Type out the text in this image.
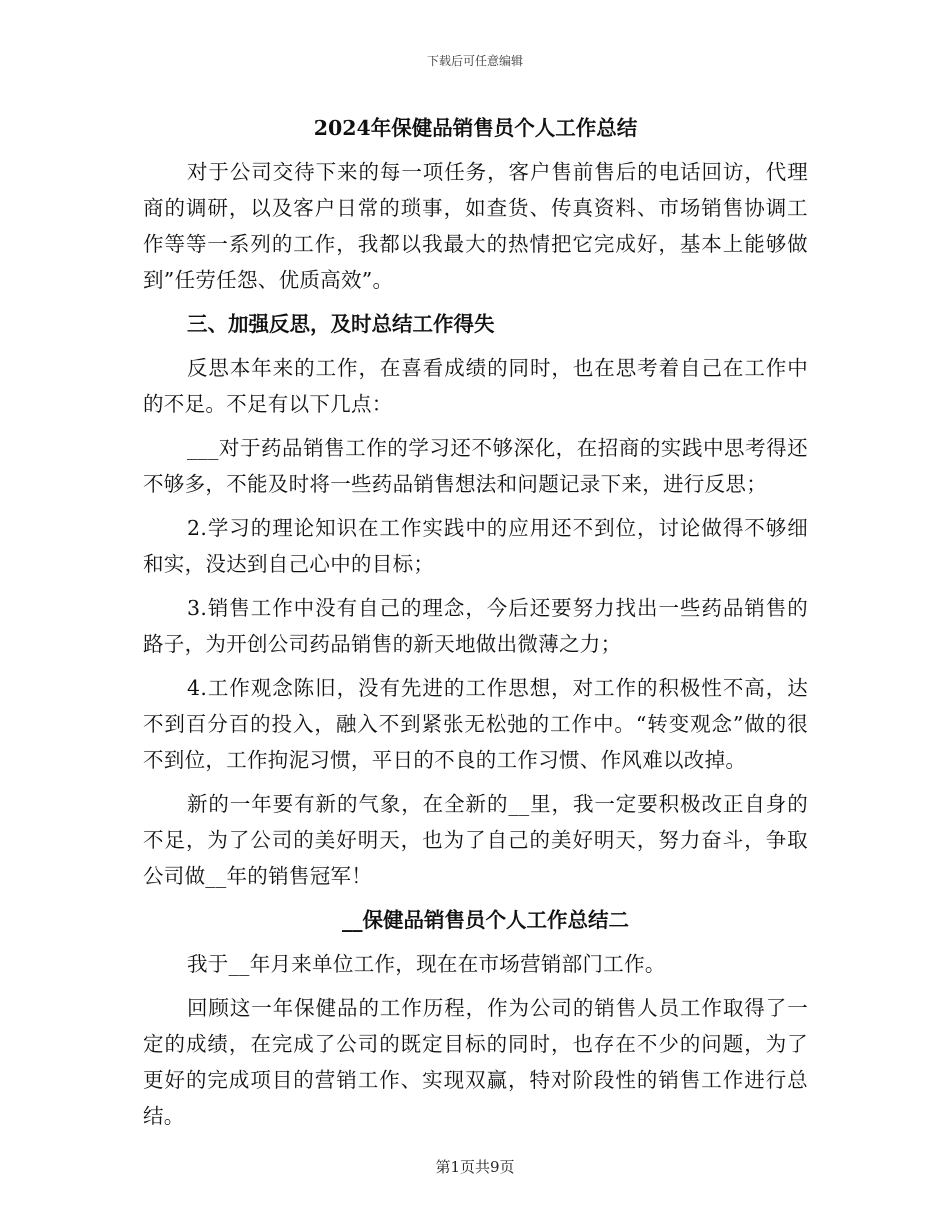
下载后可任意编辑

2024年保健品销售员个人工作总结

对于公司交待下来的每一项任务，客户售前售后的电话回访，代理商的调研，以及客户日常的琐事，如查货、传真资料、市场销售协调工作等等一系列的工作，我都以我最大的热情把它完成好，基本上能够做到”任劳任怨、优质高效”。

三、加强反思，及时总结工作得失

反思本年来的工作，在喜看成绩的同时，也在思考着自己在工作中的不足。不足有以下几点：

___对于药品销售工作的学习还不够深化，在招商的实践中思考得还不够多，不能及时将一些药品销售想法和问题记录下来，进行反思；

2.学习的理论知识在工作实践中的应用还不到位，讨论做得不够细和实，没达到自己心中的目标；

3.销售工作中没有自己的理念，今后还要努力找出一些药品销售的路子，为开创公司药品销售的新天地做出微薄之力；

4.工作观念陈旧，没有先进的工作思想，对工作的积极性不高，达不到百分百的投入，融入不到紧张无松弛的工作中。“转变观念”做的很不到位，工作拘泥习惯，平日的不良的工作习惯、作风难以改掉。

新的一年要有新的气象，在全新的__里，我一定要积极改正自身的不足，为了公司的美好明天，也为了自己的美好明天，努力奋斗，争取公司做__年的销售冠军！

__保健品销售员个人工作总结二

我于__年月来单位工作，现在在市场营销部门工作。

回顾这一年保健品的工作历程，作为公司的销售人员工作取得了一定的成绩，在完成了公司的既定目标的同时，也存在不少的问题，为了更好的完成项目的营销工作、实现双赢，特对阶段性的销售工作进行总结。

第1页共9页
